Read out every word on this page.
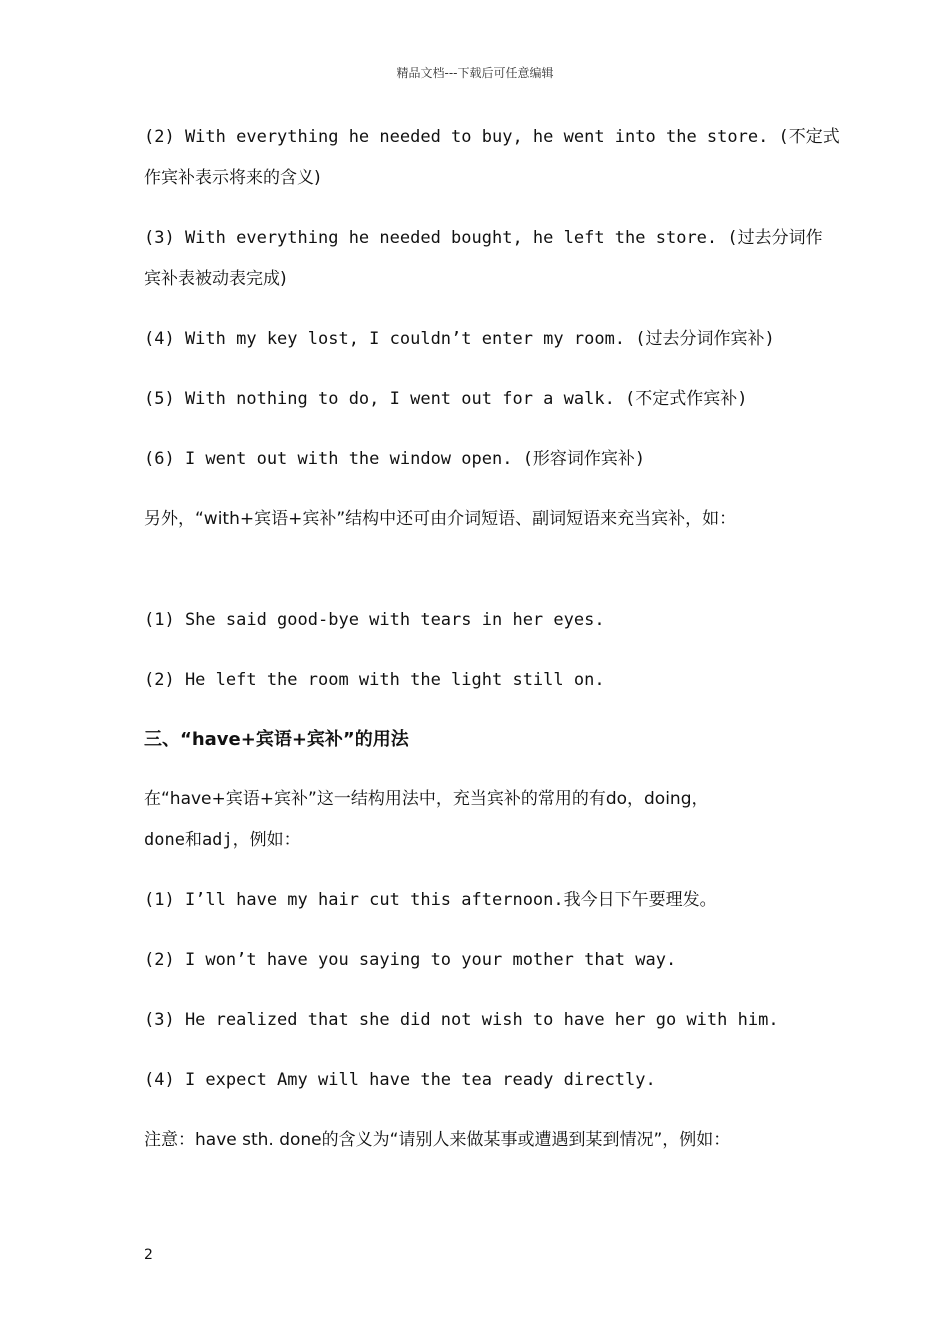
精品文档---下载后可任意编辑
(2) With everything he needed to buy, he went into the store. (不定式
作宾补表示将来的含义)
(3) With everything he needed bought, he left the store. (过去分词作
宾补表被动表完成)
(4) With my key lost, I couldn’t enter my room. (过去分词作宾补)
(5) With nothing to do, I went out for a walk. (不定式作宾补)
(6) I went out with the window open. (形容词作宾补)
另外，“with+宾语+宾补”结构中还可由介词短语、副词短语来充当宾补，如：
(1) She said good-bye with tears in her eyes.
(2) He left the room with the light still on.
三、“have+宾语+宾补”的用法
在“have+宾语+宾补”这一结构用法中，充当宾补的常用的有do，doing，
done和adj，例如：
(1) I’ll have my hair cut this afternoon.我今日下午要理发。
(2) I won’t have you saying to your mother that way.
(3) He realized that she did not wish to have her go with him.
(4) I expect Amy will have the tea ready directly.
注意：have sth. done的含义为“请别人来做某事或遭遇到某到情况”，例如：
2
